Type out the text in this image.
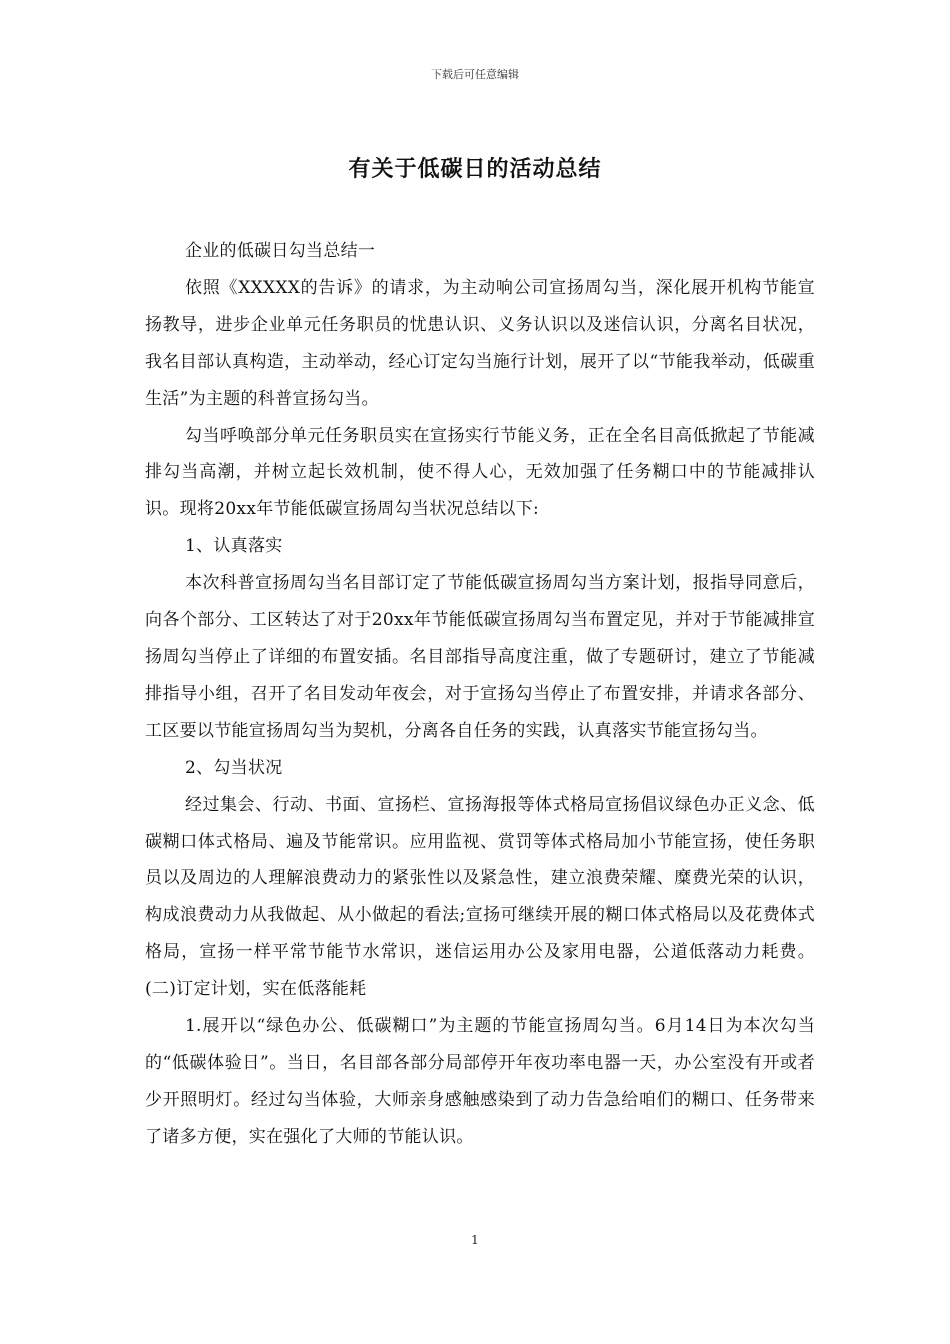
下载后可任意编辑
有关于低碳日的活动总结

企业的低碳日勾当总结一

依照《XXXXX的告诉》的请求，为主动响公司宣扬周勾当，深化展开机构节能宣扬教导，进步企业单元任务职员的忧患认识、义务认识以及迷信认识，分离名目状况，我名目部认真构造，主动举动，经心订定勾当施行计划，展开了以“节能我举动，低碳重生活”为主题的科普宣扬勾当。

勾当呼唤部分单元任务职员实在宣扬实行节能义务，正在全名目高低掀起了节能减排勾当高潮，并树立起长效机制，使不得人心，无效加强了任务糊口中的节能减排认识。现将20xx年节能低碳宣扬周勾当状况总结以下:

1、认真落实

本次科普宣扬周勾当名目部订定了节能低碳宣扬周勾当方案计划，报指导同意后，向各个部分、工区转达了对于20xx年节能低碳宣扬周勾当布置定见，并对于节能减排宣扬周勾当停止了详细的布置安插。名目部指导高度注重，做了专题研讨，建立了节能减排指导小组，召开了名目发动年夜会，对于宣扬勾当停止了布置安排，并请求各部分、工区要以节能宣扬周勾当为契机，分离各自任务的实践，认真落实节能宣扬勾当。

2、勾当状况

经过集会、行动、书面、宣扬栏、宣扬海报等体式格局宣扬倡议绿色办正义念、低碳糊口体式格局、遍及节能常识。应用监视、赏罚等体式格局加小节能宣扬，使任务职员以及周边的人理解浪费动力的紧张性以及紧急性，建立浪费荣耀、糜费光荣的认识，构成浪费动力从我做起、从小做起的看法;宣扬可继续开展的糊口体式格局以及花费体式格局，宣扬一样平常节能节水常识，迷信运用办公及家用电器，公道低落动力耗费。(二)订定计划，实在低落能耗

1.展开以“绿色办公、低碳糊口”为主题的节能宣扬周勾当。6月14日为本次勾当的“低碳体验日”。当日，名目部各部分局部停开年夜功率电器一天，办公室没有开或者少开照明灯。经过勾当体验，大师亲身感触感染到了动力告急给咱们的糊口、任务带来了诸多方便，实在强化了大师的节能认识。

1
